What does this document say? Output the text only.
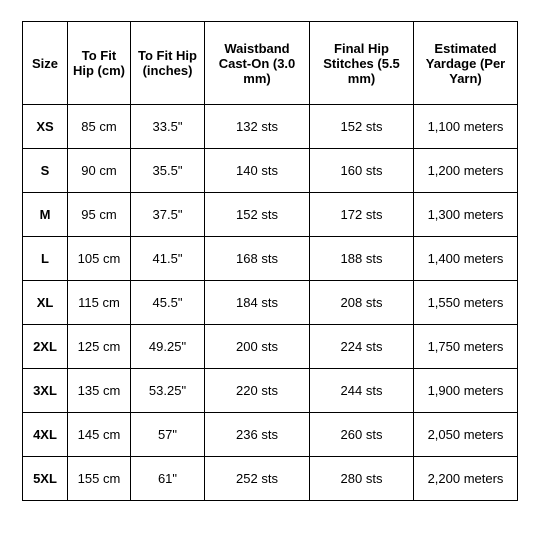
Size	To Fit Hip (cm)	To Fit Hip (inches)	Waistband Cast-On (3.0 mm)	Final Hip Stitches (5.5 mm)	Estimated Yardage (Per Yarn)
XS	85 cm	33.5"	132 sts	152 sts	1,100 meters
S	90 cm	35.5"	140 sts	160 sts	1,200 meters
M	95 cm	37.5"	152 sts	172 sts	1,300 meters
L	105 cm	41.5"	168 sts	188 sts	1,400 meters
XL	115 cm	45.5"	184 sts	208 sts	1,550 meters
2XL	125 cm	49.25"	200 sts	224 sts	1,750 meters
3XL	135 cm	53.25"	220 sts	244 sts	1,900 meters
4XL	145 cm	57"	236 sts	260 sts	2,050 meters
5XL	155 cm	61"	252 sts	280 sts	2,200 meters
